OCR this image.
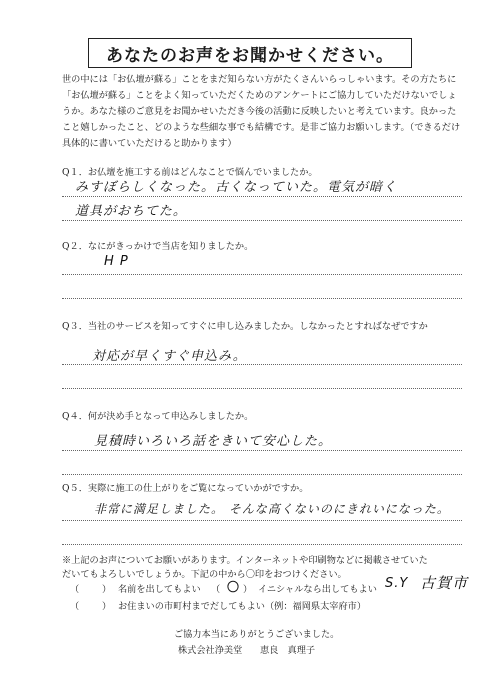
あなたのお声をお聞かせください。
世の中には「お仏壇が蘇る」ことをまだ知らない方がたくさんいらっしゃいます。その方たちに「お仏壇が蘇る」ことをよく知っていただくためのアンケートにご協力していただけないでしょうか。あなた様のご意見をお聞かせいただき今後の活動に反映したいと考えています。良かったこと嬉しかったこと、どのような些細な事でも結構です。是非ご協力お願いします。（できるだけ具体的に書いていただけると助かります）
Q１．お仏壇を施工する前はどんなことで悩んでいましたか。
みすぼらしくなった。古くなっていた。電気が暗く
道具がおちてた。
Q２．なにがきっかけで当店を知りましたか。
H P
Q３．当社のサービスを知ってすぐに申し込みましたか。しなかったとすればなぜですか
対応が早くすぐ申込み。
Q４．何が決め手となって申込みしましたか。
見積時いろいろ話をきいて安心した。
Q５．実際に施工の仕上がりをご覧になっていかがですか。
非常に満足しました。 そんな高くないのにきれいになった。
※上記のお声についてお願いがあります。インターネットや印刷物などに掲載させていた
だいてもよろしいでしょうか。下記の中から〇印をおつけください。
（ ） 名前を出してもよい （ 〇 ） イニシャルなら出してもよい S.Y 古賀市
（ ） お住まいの市町村までだしてもよい（例：福岡県太宰府市）
ご協力本当にありがとうございました。
株式会社浄美堂 恵良　真理子
